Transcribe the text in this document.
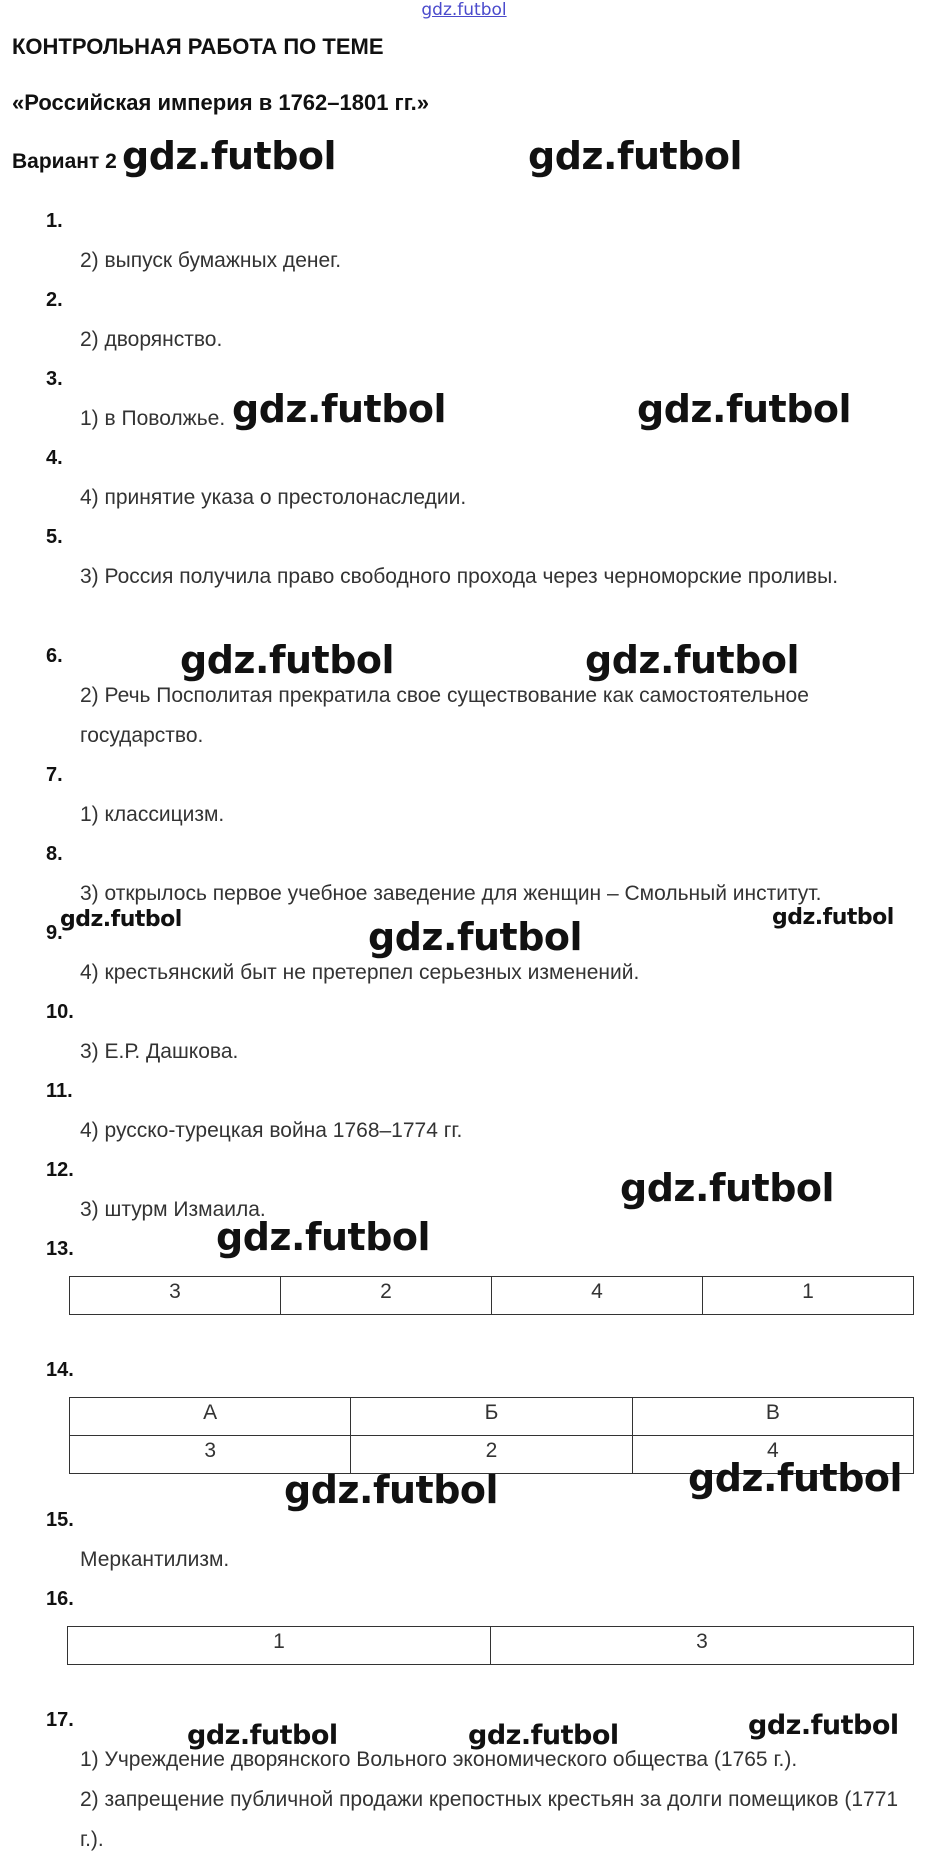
gdz.futbol
КОНТРОЛЬНАЯ РАБОТА ПО ТЕМЕ
«Российская империя в 1762–1801 гг.»
Вариант 2
1.
2) выпуск бумажных денег.
2.
2) дворянство.
3.
1) в Поволжье.
4.
4) принятие указа о престолонаследии.
5.
3) Россия получила право свободного прохода через черноморские проливы.
6.
2) Речь Посполитая прекратила свое существование как самостоятельное государство.
7.
1) классицизм.
8.
3) открылось первое учебное заведение для женщин – Смольный институт.
9.
4) крестьянский быт не претерпел серьезных изменений.
10.
3) Е.Р. Дашкова.
11.
4) русско-турецкая война 1768–1774 гг.
12.
3) штурм Измаила.
13.
3	2	4	1
14.
А	Б	В
3	2	4
15.
Меркантилизм.
16.
1	3
17.
1) Учреждение дворянского Вольного экономического общества (1765 г.).
2) запрещение публичной продажи крепостных крестьян за долги помещиков (1771 г.).
gdz.futbol	gdz.futbol
gdz.futbol	gdz.futbol
gdz.futbol	gdz.futbol
gdz.futbol	gdz.futbol	gdz.futbol
gdz.futbol
gdz.futbol
gdz.futbol	gdz.futbol
gdz.futbol	gdz.futbol	gdz.futbol
